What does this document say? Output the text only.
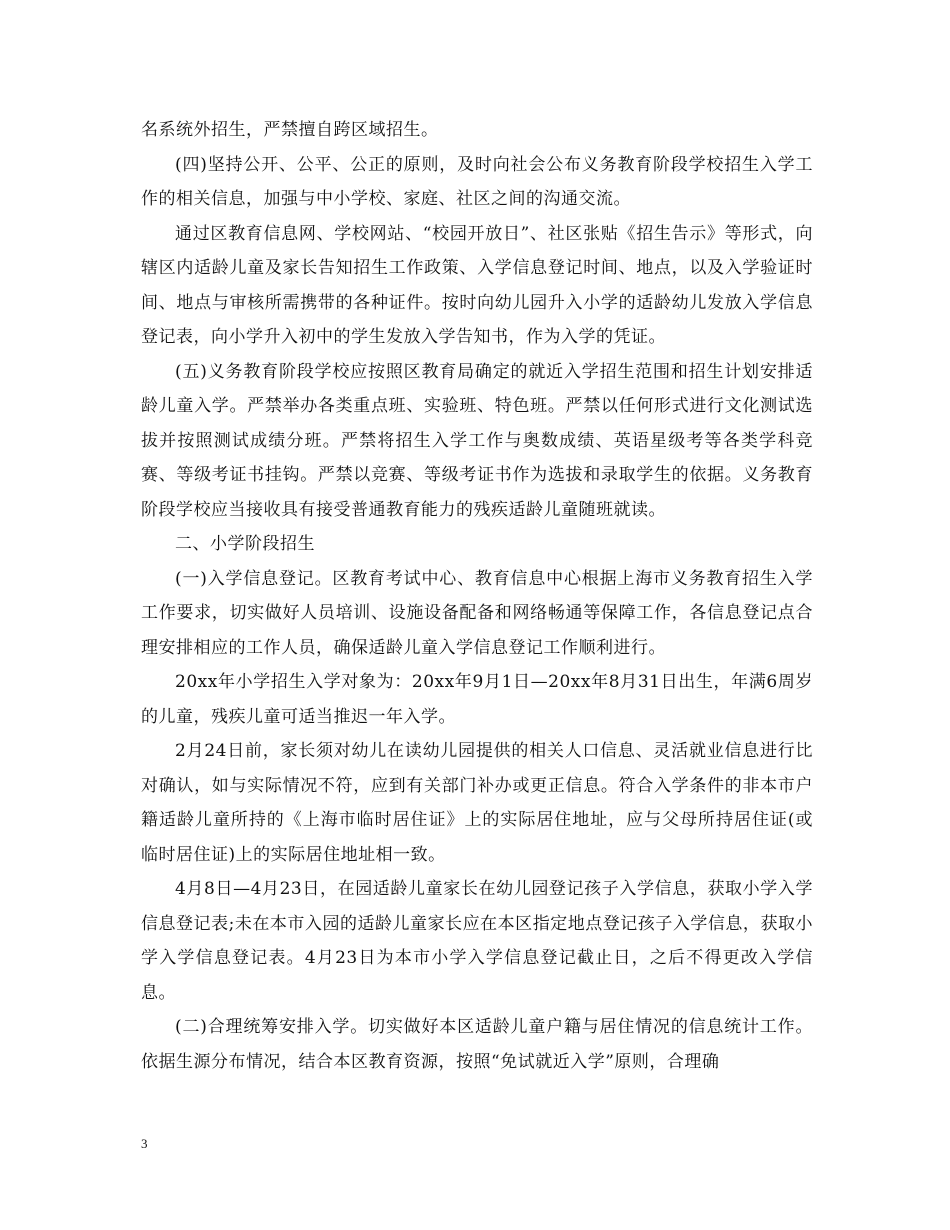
名系统外招生，严禁擅自跨区域招生。

(四)坚持公开、公平、公正的原则，及时向社会公布义务教育阶段学校招生入学工作的相关信息，加强与中小学校、家庭、社区之间的沟通交流。

通过区教育信息网、学校网站、“校园开放日”、社区张贴《招生告示》等形式，向辖区内适龄儿童及家长告知招生工作政策、入学信息登记时间、地点，以及入学验证时间、地点与审核所需携带的各种证件。按时向幼儿园升入小学的适龄幼儿发放入学信息登记表，向小学升入初中的学生发放入学告知书，作为入学的凭证。

(五)义务教育阶段学校应按照区教育局确定的就近入学招生范围和招生计划安排适龄儿童入学。严禁举办各类重点班、实验班、特色班。严禁以任何形式进行文化测试选拔并按照测试成绩分班。严禁将招生入学工作与奥数成绩、英语星级考等各类学科竞赛、等级考证书挂钩。严禁以竞赛、等级考证书作为选拔和录取学生的依据。义务教育阶段学校应当接收具有接受普通教育能力的残疾适龄儿童随班就读。

二、小学阶段招生

(一)入学信息登记。区教育考试中心、教育信息中心根据上海市义务教育招生入学工作要求，切实做好人员培训、设施设备配备和网络畅通等保障工作，各信息登记点合理安排相应的工作人员，确保适龄儿童入学信息登记工作顺利进行。

20xx年小学招生入学对象为：20xx年9月1日—20xx年8月31日出生，年满6周岁的儿童，残疾儿童可适当推迟一年入学。

2月24日前，家长须对幼儿在读幼儿园提供的相关人口信息、灵活就业信息进行比对确认，如与实际情况不符，应到有关部门补办或更正信息。符合入学条件的非本市户籍适龄儿童所持的《上海市临时居住证》上的实际居住地址，应与父母所持居住证(或临时居住证)上的实际居住地址相一致。

4月8日—4月23日，在园适龄儿童家长在幼儿园登记孩子入学信息，获取小学入学信息登记表;未在本市入园的适龄儿童家长应在本区指定地点登记孩子入学信息，获取小学入学信息登记表。4月23日为本市小学入学信息登记截止日，之后不得更改入学信息。

(二)合理统筹安排入学。切实做好本区适龄儿童户籍与居住情况的信息统计工作。依据生源分布情况，结合本区教育资源，按照“免试就近入学”原则，合理确

3
